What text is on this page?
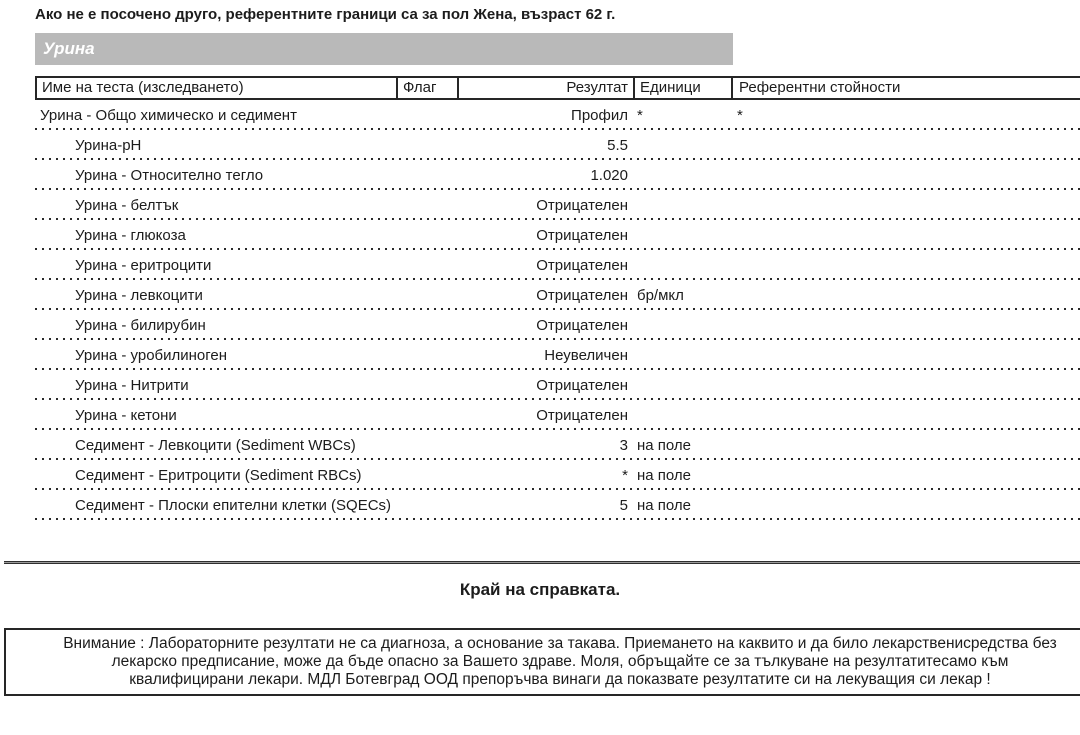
Ако не е посочено друго, референтните граници са за пол Жена, възраст 62 г.
Урина
Име на теста (изследването)	Флаг	Резултат Единици	Референтни стойности
Урина - Общо химическо и седимент	Профил *	*
Урина-pH	5.5
Урина - Относително тегло	1.020
Урина - белтък	Отрицателен
Урина - глюкоза	Отрицателен
Урина - еритроцити	Отрицателен
Урина - левкоцити	Отрицателен бр/мкл
Урина - билирубин	Отрицателен
Урина - уробилиноген	Неувеличен
Урина - Нитрити	Отрицателен
Урина - кетони	Отрицателен
Седимент - Левкоцити (Sediment WBCs)	3 на поле
Седимент - Еритроцити (Sediment RBCs)	* на поле
Седимент - Плоски епителни клетки (SQECs)	5 на поле
Край на справката.
Внимание : Лабораторните резултати не са диагноза, а основание за такава. Приемането на каквито и да било лекарственисредства без
лекарско предписание, може да бъде опасно за Вашето здраве. Моля, обръщайте се за тълкуване на резултатитесамо към
квалифицирани лекари. МДЛ Ботевград ООД препоръчва винаги да показвате резултатите си на лекуващия си лекар !
